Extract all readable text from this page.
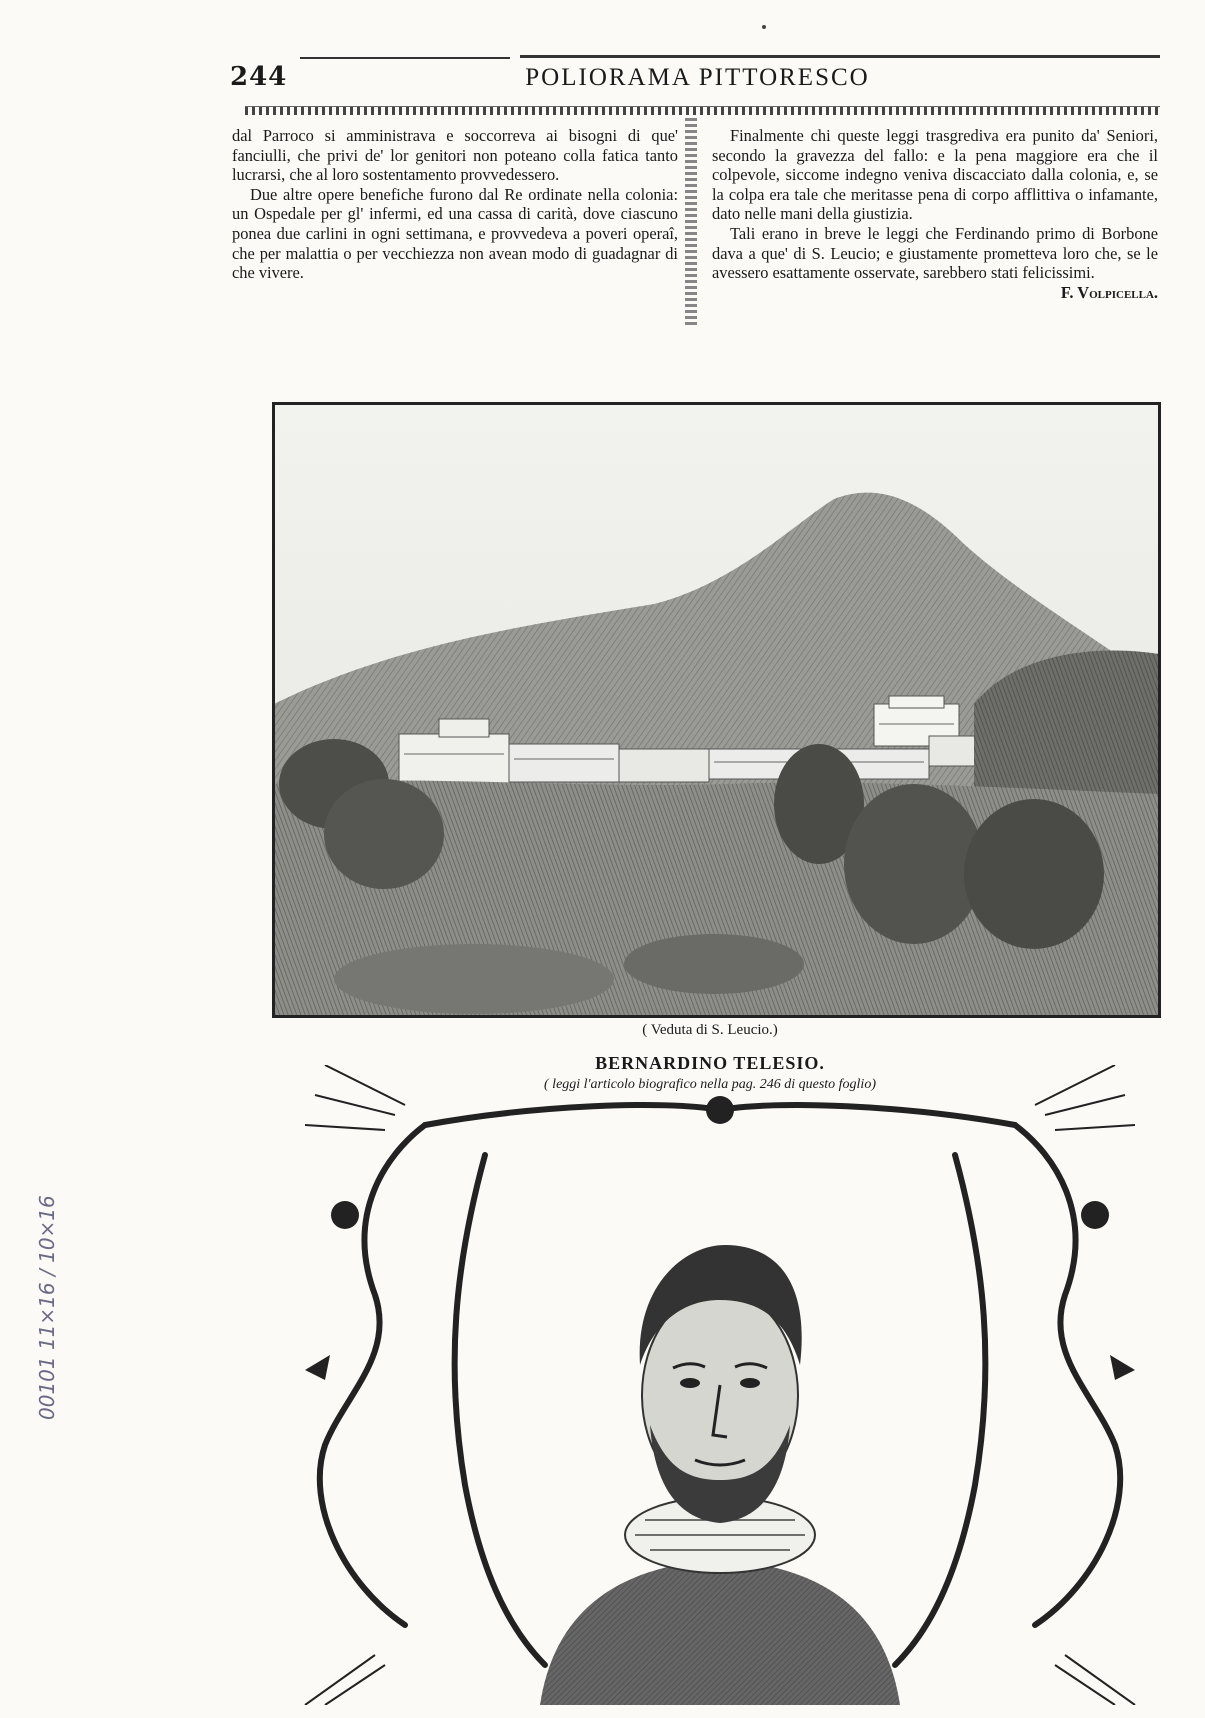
244	POLIORAMA PITTORESCO

dal Parroco si amministrava e soccorreva ai bisogni di que' fanciulli, che privi de' lor genitori non poteano colla fatica tanto lucrarsi, che al loro sostentamento provvedessero.

Due altre opere benefiche furono dal Re ordinate nella colonia: un Ospedale per gl' infermi, ed una cassa di carità, dove ciascuno ponea due carlini in ogni settimana, e provvedeva a poveri operaî, che per malattia o per vecchiezza non avean modo di guadagnar di che vivere.

Finalmente chi queste leggi trasgrediva era punito da' Seniori, secondo la gravezza del fallo: e la pena maggiore era che il colpevole, siccome indegno veniva discacciato dalla colonia, e, se la colpa era tale che meritasse pena di corpo afflittiva o infamante, dato nelle mani della giustizia.

Tali erano in breve le leggi che Ferdinando primo di Borbone dava a que' di S. Leucio; e giustamente prometteva loro che, se le avessero esattamente osservate, sarebbero stati felicissimi.

F. Volpicella.
( Veduta di S. Leucio.)
BERNARDINO TELESIO.
( leggi l'articolo biografico nella pag. 246 di questo foglio)
00101 11×16 / 10×16
